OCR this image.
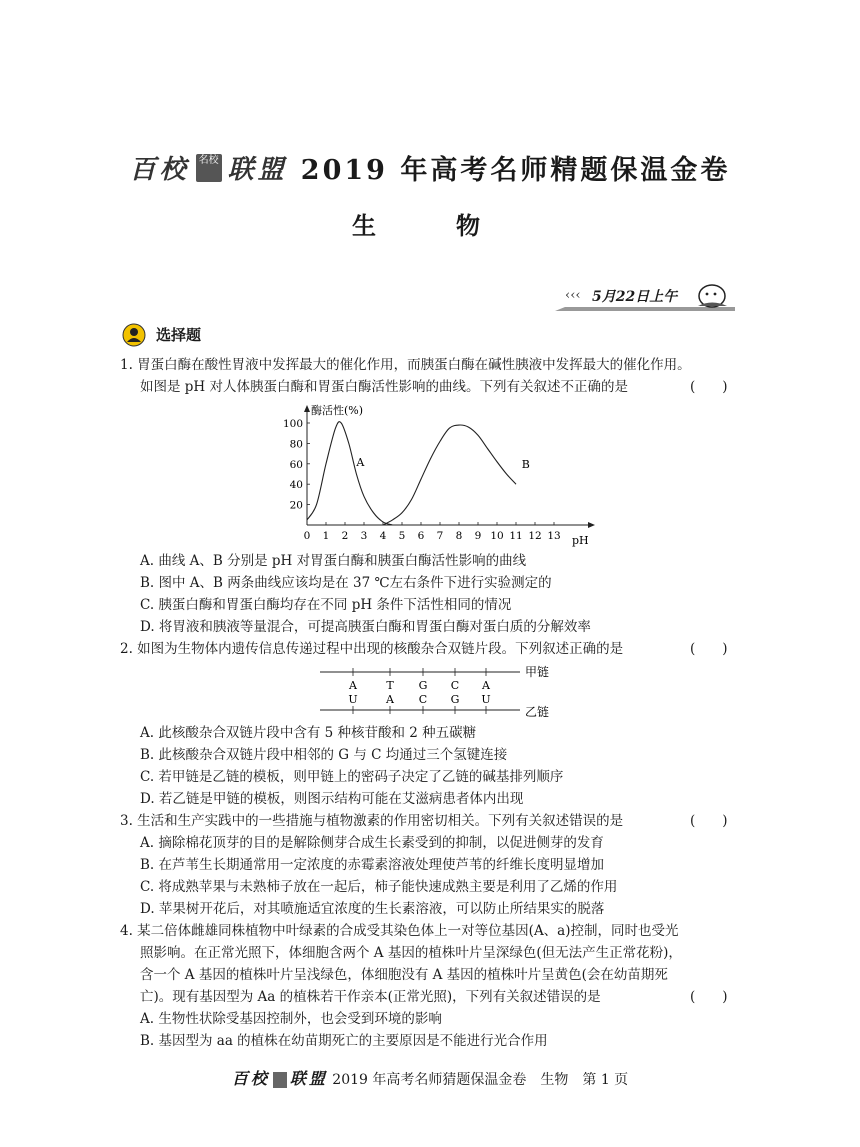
百校 名校 联盟 2019 年高考名师精题保温金卷
生　物
‹‹‹ 5月22日上午
选择题
1. 胃蛋白酶在酸性胃液中发挥最大的催化作用，而胰蛋白酶在碱性胰液中发挥最大的催化作用。
如图是 pH 对人体胰蛋白酶和胃蛋白酶活性影响的曲线。下列有关叙述不正确的是	(　　)
酶活性(%)
pH
0 1 2 3 4 5 6 7 8 9 10 11 12 13
20
40
60
80
100
A	B
A. 曲线 A、B 分别是 pH 对胃蛋白酶和胰蛋白酶活性影响的曲线
B. 图中 A、B 两条曲线应该均是在 37 ℃左右条件下进行实验测定的
C. 胰蛋白酶和胃蛋白酶均存在不同 pH 条件下活性相同的情况
D. 将胃液和胰液等量混合，可提高胰蛋白酶和胃蛋白酶对蛋白质的分解效率
2. 如图为生物体内遗传信息传递过程中出现的核酸杂合双链片段。下列叙述正确的是	(　　)
A	T G C A
U	A C G U
甲链
乙链
A. 此核酸杂合双链片段中含有 5 种核苷酸和 2 种五碳糖
B. 此核酸杂合双链片段中相邻的 G 与 C 均通过三个氢键连接
C. 若甲链是乙链的模板，则甲链上的密码子决定了乙链的碱基排列顺序
D. 若乙链是甲链的模板，则图示结构可能在艾滋病患者体内出现
3. 生活和生产实践中的一些措施与植物激素的作用密切相关。下列有关叙述错误的是	(　　)
A. 摘除棉花顶芽的目的是解除侧芽合成生长素受到的抑制，以促进侧芽的发育
B. 在芦苇生长期通常用一定浓度的赤霉素溶液处理使芦苇的纤维长度明显增加
C. 将成熟苹果与未熟柿子放在一起后，柿子能快速成熟主要是利用了乙烯的作用
D. 苹果树开花后，对其喷施适宜浓度的生长素溶液，可以防止所结果实的脱落
4. 某二倍体雌雄同株植物中叶绿素的合成受其染色体上一对等位基因(A、a)控制，同时也受光
照影响。在正常光照下，体细胞含两个 A 基因的植株叶片呈深绿色(但无法产生正常花粉)，
含一个 A 基因的植株叶片呈浅绿色，体细胞没有 A 基因的植株叶片呈黄色(会在幼苗期死
亡)。现有基因型为 Aa 的植株若干作亲本(正常光照)，下列有关叙述错误的是	(　　)
A. 生物性状除受基因控制外，也会受到环境的影响
B. 基因型为 aa 的植株在幼苗期死亡的主要原因是不能进行光合作用
百校 联盟 2019 年高考名师猜题保温金卷　生物　第 1 页
